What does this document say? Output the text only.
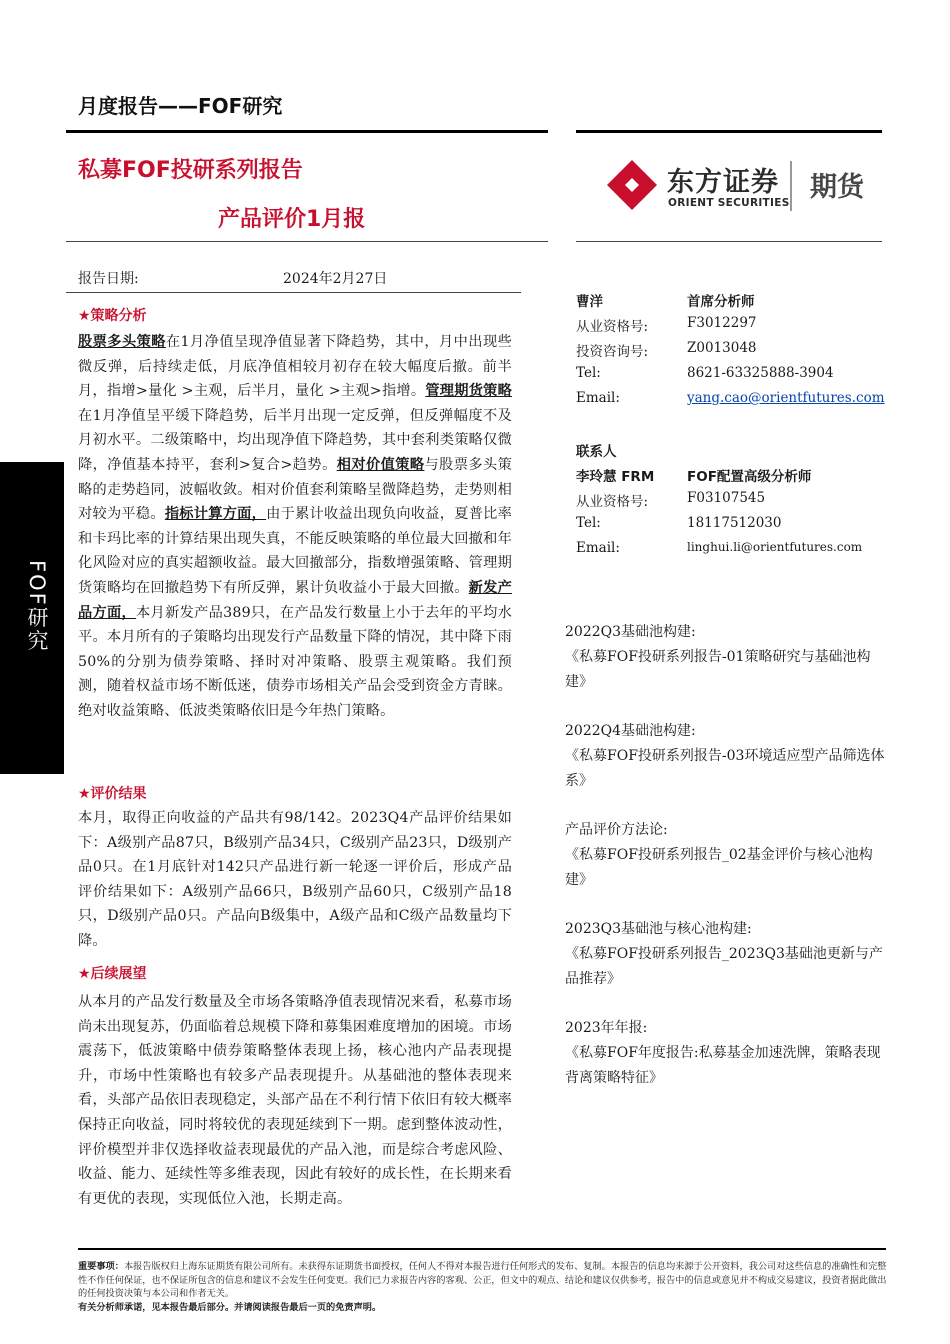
FOF研究
月度报告——FOF研究
私募FOF投研系列报告
产品评价1月报
东方证券
ORIENT SECURITIES 期货
报告日期:	2024年2月27日
★策略分析
股票多头策略在1月净值呈现净值显著下降趋势，其中，月中出现些微反弹，后持续走低，月底净值相较月初存在较大幅度后撤。前半月，指增>量化 >主观，后半月，量化 >主观>指增。管理期货策略在1月净值呈平缓下降趋势，后半月出现一定反弹，但反弹幅度不及月初水平。二级策略中，均出现净值下降趋势，其中套利类策略仅微降，净值基本持平，套利>复合>趋势。相对价值策略与股票多头策略的走势趋同，波幅收敛。相对价值套利策略呈微降趋势，走势则相对较为平稳。指标计算方面，由于累计收益出现负向收益，夏普比率和卡玛比率的计算结果出现失真，不能反映策略的单位最大回撤和年化风险对应的真实超额收益。最大回撤部分，指数增强策略、管理期货策略均在回撤趋势下有所反弹，累计负收益小于最大回撤。新发产品方面，本月新发产品389只，在产品发行数量上小于去年的平均水平。本月所有的子策略均出现发行产品数量下降的情况，其中降下雨50%的分别为债券策略、择时对冲策略、股票主观策略。我们预测，随着权益市场不断低迷，债券市场相关产品会受到资金方青睐。绝对收益策略、低波类策略依旧是今年热门策略。
★评价结果
本月，取得正向收益的产品共有98/142。2023Q4产品评价结果如下：A级别产品87只，B级别产品34只，C级别产品23只，D级别产品0只。在1月底针对142只产品进行新一轮逐一评价后，形成产品评价结果如下：A级别产品66只，B级别产品60只，C级别产品18只，D级别产品0只。产品向B级集中，A级产品和C级产品数量均下降。
★后续展望
从本月的产品发行数量及全市场各策略净值表现情况来看，私募市场尚未出现复苏，仍面临着总规模下降和募集困难度增加的困境。市场震荡下，低波策略中债券策略整体表现上扬，核心池内产品表现提升，市场中性策略也有较多产品表现提升。从基础池的整体表现来看，头部产品依旧表现稳定，头部产品在不利行情下依旧有较大概率保持正向收益，同时将较优的表现延续到下一期。虑到整体波动性，评价模型并非仅选择收益表现最优的产品入池，而是综合考虑风险、收益、能力、延续性等多维表现，因此有较好的成长性，在长期来看有更优的表现，实现低位入池，长期走高。
曹洋	首席分析师
从业资格号:	F3012297
投资咨询号:	Z0013048
Tel:	8621-63325888-3904
Email:	yang.cao@orientfutures.com
联系人
李玲慧 FRM FOF配置高级分析师
从业资格号:	F03107545
Tel:	18117512030
Email:	linghui.li@orientfutures.com
2022Q3基础池构建:
《私募FOF投研系列报告-01策略研究与基础池构建》
2022Q4基础池构建:
《私募FOF投研系列报告-03环境适应型产品筛选体系》
产品评价方法论:
《私募FOF投研系列报告_02基金评价与核心池构建》
2023Q3基础池与核心池构建:
《私募FOF投研系列报告_2023Q3基础池更新与产品推荐》
2023年年报:
《私募FOF年度报告:私募基金加速洗牌，策略表现背离策略特征》
重要事项：本报告版权归上海东证期货有限公司所有。未获得东证期货书面授权，任何人不得对本报告进行任何形式的发布、复制。本报告的信息均来源于公开资料，我公司对这些信息的准确性和完整性不作任何保证，也不保证所包含的信息和建议不会发生任何变更。我们已力求报告内容的客观、公正，但文中的观点、结论和建议仅供参考，报告中的信息或意见并不构成交易建议，投资者据此做出的任何投资决策与本公司和作者无关。
有关分析师承诺，见本报告最后部分。并请阅读报告最后一页的免责声明。
